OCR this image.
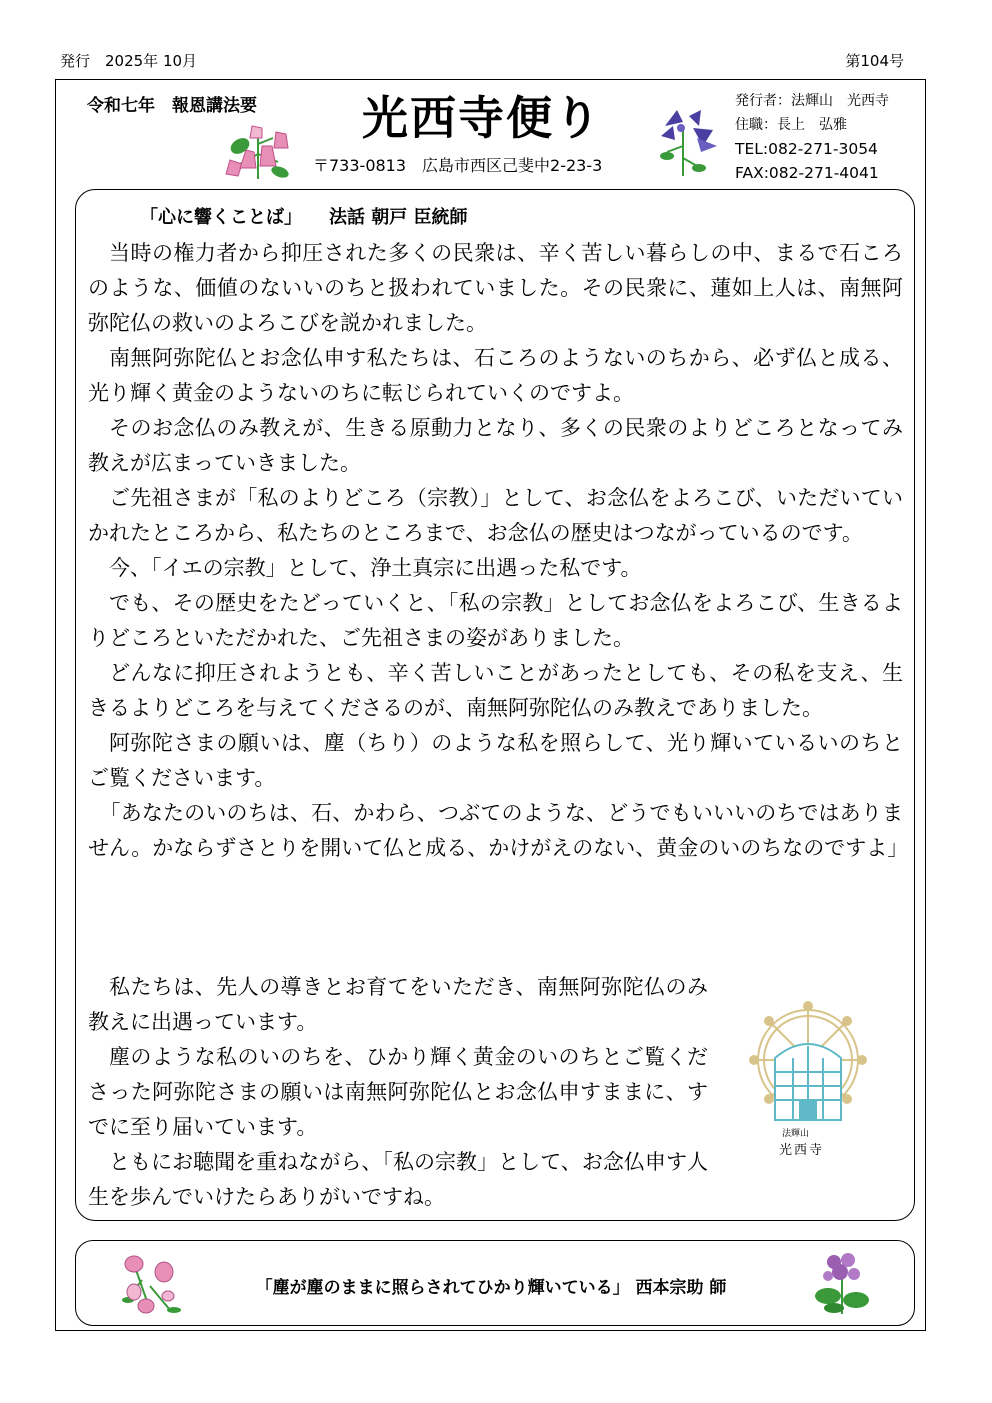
発行　2025年 10月	第104号
令和七年　報恩講法要 光西寺便り
〒733-0813　広島市西区己斐中2-23-3
発行者：法輝山　光西寺
住職：長上　弘雅
TEL:082-271-3054
FAX:082-271-4041
「心に響くことば」　　 法話 朝戸 臣統師

当時の権力者から抑圧された多くの民衆は、辛く苦しい暮らしの中、まるで石ころのような、価値のないいのちと扱われていました。その民衆に、蓮如上人は、南無阿弥陀仏の救いのよろこびを説かれました。

南無阿弥陀仏とお念仏申す私たちは、石ころのようないのちから、必ず仏と成る、光り輝く黄金のようないのちに転じられていくのですよ。

そのお念仏のみ教えが、生きる原動力となり、多くの民衆のよりどころとなってみ教えが広まっていきました。

ご先祖さまが「私のよりどころ（宗教）」として、お念仏をよろこび、いただいていかれたところから、私たちのところまで、お念仏の歴史はつながっているのです。

今、「イエの宗教」として、浄土真宗に出遇った私です。

でも、その歴史をたどっていくと、「私の宗教」としてお念仏をよろこび、生きるよりどころといただかれた、ご先祖さまの姿がありました。

どんなに抑圧されようとも、辛く苦しいことがあったとしても、その私を支え、生きるよりどころを与えてくださるのが、南無阿弥陀仏のみ教えでありました。

阿弥陀さまの願いは、塵（ちり）のような私を照らして、光り輝いているいのちとご覧くださいます。

「あなたのいのちは、石、かわら、つぶてのような、どうでもいいいのちではありません。かならずさとりを開いて仏と成る、かけがえのない、黄金のいのちなのですよ」

私たちは、先人の導きとお育てをいただき、南無阿弥陀仏のみ教えに出遇っています。

塵のような私のいのちを、ひかり輝く黄金のいのちとご覧くださった阿弥陀さまの願いは南無阿弥陀仏とお念仏申すままに、すでに至り届いています。

ともにお聴聞を重ねながら、「私の宗教」として、お念仏申す人生を歩んでいけたらありがいですね。

法輝山
光西寺
「塵が塵のままに照らされてひかり輝いている」 西本宗助 師
